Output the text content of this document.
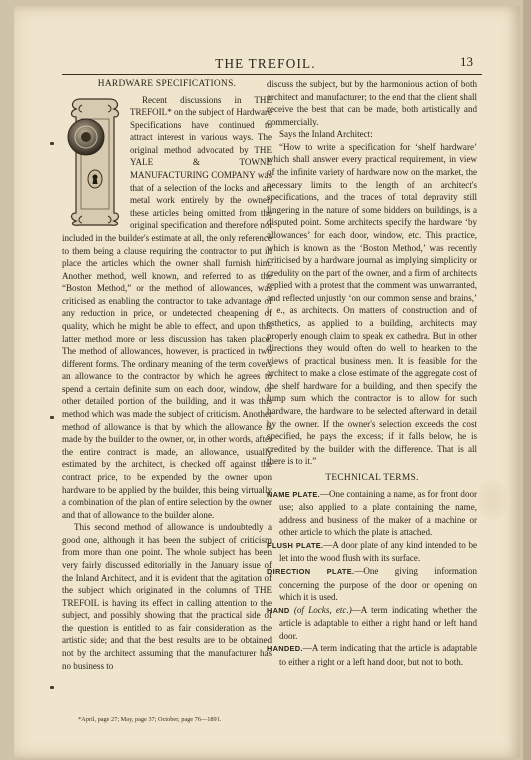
THE TREFOIL.	13

HARDWARE SPECIFICATIONS.

Recent discussions in THE TREFOIL* on the subject of Hardware Specifications have continued to attract interest in various ways. The original method advocated by THE YALE & TOWNE MANUFACTURING COMPANY was that of a selection of the locks and art metal work entirely by the owner, these articles being omitted from the original specification and therefore not included in the builder's estimate at all, the only reference to them being a clause requiring the contractor to put in place the articles which the owner shall furnish him. Another method, well known, and referred to as the “Boston Method,” or the method of allowances, was criticised as enabling the contractor to take advantage of any reduction in price, or undetected cheapening of quality, which he might be able to effect, and upon this latter method more or less discussion has taken place. The method of allowances, however, is practiced in two different forms. The ordinary meaning of the term covers an allowance to the contractor by which he agrees to spend a certain definite sum on each door, window, or other detailed portion of the building, and it was this method which was made the subject of criticism. Another method of allowance is that by which the allowance is made by the builder to the owner, or, in other words, after the entire contract is made, an allowance, usually estimated by the architect, is checked off against the contract price, to be expended by the owner upon hardware to be applied by the builder, this being virtually a combination of the plan of entire selection by the owner and that of allowance to the builder alone.

This second method of allowance is undoubtedly a good one, although it has been the subject of criticism from more than one point. The whole subject has been very fairly discussed editorially in the January issue of the Inland Architect, and it is evident that the agitation of the subject which originated in the columns of THE TREFOIL is having its effect in calling attention to the subject, and possibly showing that the practical side of the question is entitled to as fair consideration as the artistic side; and that the best results are to be obtained not by the architect assuming that the manufacturer has no business to

discuss the subject, but by the harmonious action of both architect and manufacturer; to the end that the client shall receive the best that can be made, both artistically and commercially.

Says the Inland Architect:

“How to write a specification for ‘shelf hardware’ which shall answer every practical requirement, in view of the infinite variety of hardware now on the market, the necessary limits to the length of an architect's specifications, and the traces of total depravity still lingering in the nature of some bidders on buildings, is a disputed point. Some architects specify the hardware ‘by allowances’ for each door, window, etc. This practice, which is known as the ‘Boston Method,’ was recently criticised by a hardware journal as implying simplicity or credulity on the part of the owner, and a firm of architects replied with a protest that the comment was unwarranted, and reflected unjustly ‘on our common sense and brains,’ i. e., as architects. On matters of construction and of esthetics, as applied to a building, architects may properly enough claim to speak ex cathedra. But in other directions they would often do well to hearken to the views of practical business men. It is feasible for the architect to make a close estimate of the aggregate cost of the shelf hardware for a building, and then specify the lump sum which the contractor is to allow for such hardware, the hardware to be selected afterward in detail by the owner. If the owner's selection exceeds the cost specified, he pays the excess; if it falls below, he is credited by the builder with the difference. That is all there is to it.”

TECHNICAL TERMS.

NAME PLATE.—One containing a name, as for front door use; also applied to a plate containing the name, address and business of the maker of a machine or other article to which the plate is attached.

FLUSH PLATE.—A door plate of any kind intended to be let into the wood flush with its surface.

DIRECTION PLATE.—One giving information concerning the purpose of the door or opening on which it is used.

HAND (of Locks, etc.)—A term indicating whether the article is adaptable to either a right hand or left hand door.

HANDED.—A term indicating that the article is adaptable to either a right or a left hand door, but not to both.

*April, page 27; May, page 37; October, page 76—1891.
